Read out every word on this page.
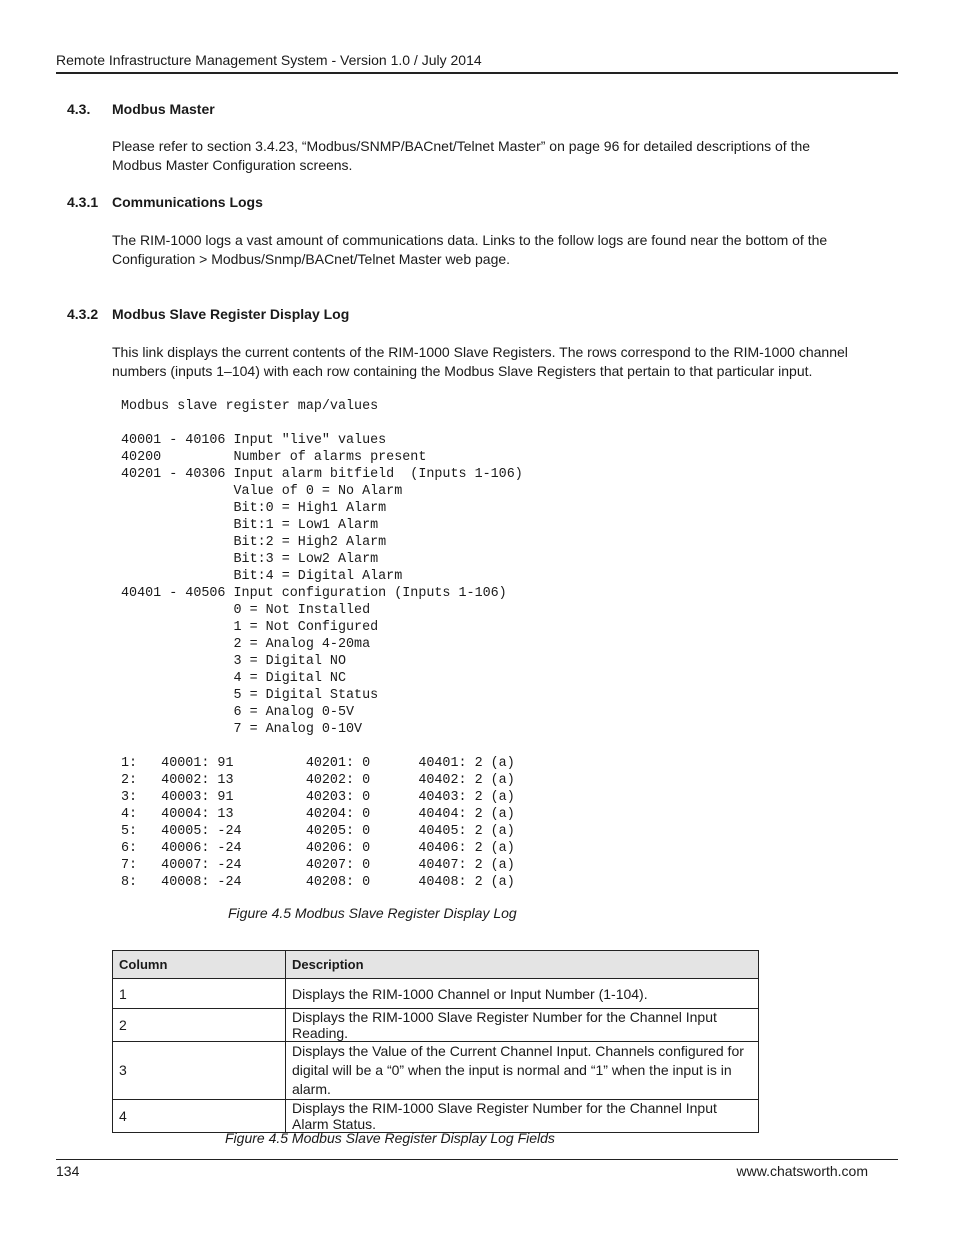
Remote Infrastructure Management System - Version 1.0 / July 2014
4.3. Modbus Master

Please refer to section 3.4.23, “Modbus/SNMP/BACnet/Telnet Master” on page 96 for detailed descriptions of the Modbus Master Configuration screens.

4.3.1 Communications Logs

The RIM-1000 logs a vast amount of communications data. Links to the follow logs are found near the bottom of the Configuration > Modbus/Snmp/BACnet/Telnet Master web page.

4.3.2 Modbus Slave Register Display Log

This link displays the current contents of the RIM-1000 Slave Registers. The rows correspond to the RIM-1000 channel numbers (inputs 1–104) with each row containing the Modbus Slave Registers that pertain to that particular input.

Modbus slave register map/values

40001 - 40106 Input "live" values
40200         Number of alarms present
40201 - 40306 Input alarm bitfield  (Inputs 1-106)
Value of 0 = No Alarm
Bit:0 = High1 Alarm
Bit:1 = Low1 Alarm
Bit:2 = High2 Alarm
Bit:3 = Low2 Alarm
Bit:4 = Digital Alarm
40401 - 40506 Input configuration (Inputs 1-106)
0 = Not Installed
1 = Not Configured
2 = Analog 4-20ma
3 = Digital NO
4 = Digital NC
5 = Digital Status
6 = Analog 0-5V
7 = Analog 0-10V

1:   40001: 91         40201: 0      40401: 2 (a)
2:   40002: 13         40202: 0      40402: 2 (a)
3:   40003: 91         40203: 0      40403: 2 (a)
4:   40004: 13         40204: 0      40404: 2 (a)
5:   40005: -24        40205: 0      40405: 2 (a)
6:   40006: -24        40206: 0      40406: 2 (a)
7:   40007: -24        40207: 0      40407: 2 (a)
8:   40008: -24        40208: 0      40408: 2 (a)
Figure 4.5 Modbus Slave Register Display Log
Column	Description
1	Displays the RIM-1000 Channel or Input Number (1-104).
2	Displays the RIM-1000 Slave Register Number for the Channel Input Reading.
3	Displays the Value of the Current Channel Input. Channels configured for digital will be a “0” when the input is normal and “1” when the input is in alarm.
4	Displays the RIM-1000 Slave Register Number for the Channel Input Alarm Status.
Figure 4.5 Modbus Slave Register Display Log Fields
134	www.chatsworth.com
